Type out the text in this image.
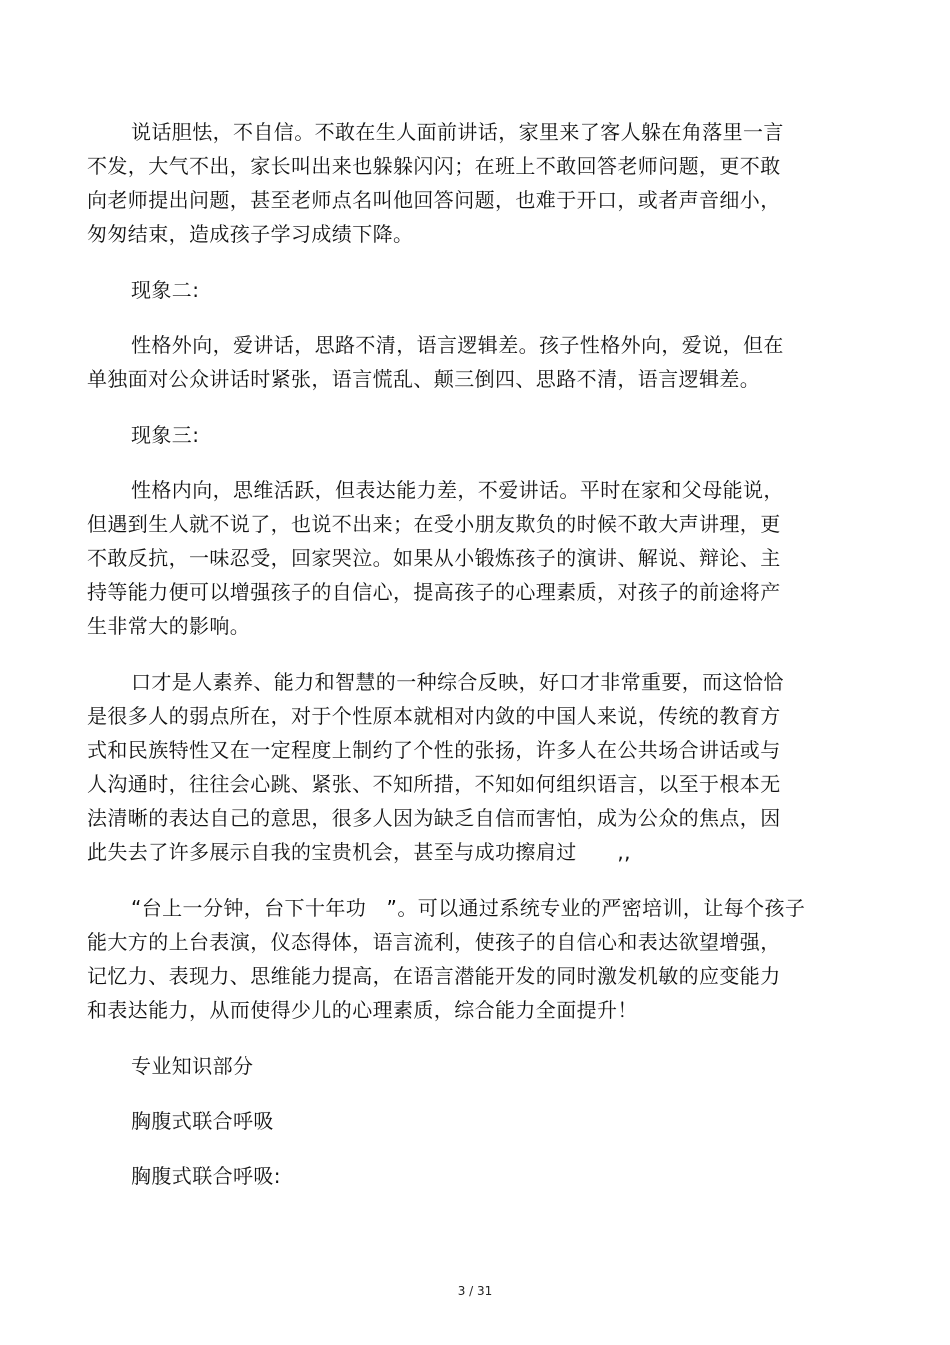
说话胆怯，不自信。不敢在生人面前讲话，家里来了客人躲在角落里一言
不发，大气不出，家长叫出来也躲躲闪闪；在班上不敢回答老师问题，更不敢
向老师提出问题，甚至老师点名叫他回答问题，也难于开口，或者声音细小，
匆匆结束，造成孩子学习成绩下降。
现象二:
性格外向，爱讲话，思路不清，语言逻辑差。孩子性格外向，爱说，但在
单独面对公众讲话时紧张，语言慌乱、颠三倒四、思路不清，语言逻辑差。
现象三:
性格内向，思维活跃，但表达能力差，不爱讲话。平时在家和父母能说，
但遇到生人就不说了，也说不出来；在受小朋友欺负的时候不敢大声讲理，更
不敢反抗，一味忍受，回家哭泣。如果从小锻炼孩子的演讲、解说、辩论、主
持等能力便可以增强孩子的自信心，提高孩子的心理素质，对孩子的前途将产
生非常大的影响。
口才是人素养、能力和智慧的一种综合反映，好口才非常重要，而这恰恰
是很多人的弱点所在，对于个性原本就相对内敛的中国人来说，传统的教育方
式和民族特性又在一定程度上制约了个性的张扬，许多人在公共场合讲话或与
人沟通时，往往会心跳、紧张、不知所措，不知如何组织语言，以至于根本无
法清晰的表达自己的意思，很多人因为缺乏自信而害怕，成为公众的焦点，因
此失去了许多展示自我的宝贵机会，甚至与成功擦肩过　　,,
“台上一分钟，台下十年功　”。可以通过系统专业的严密培训，让每个孩子
能大方的上台表演，仪态得体，语言流利，使孩子的自信心和表达欲望增强，
记忆力、表现力、思维能力提高，在语言潜能开发的同时激发机敏的应变能力
和表达能力，从而使得少儿的心理素质，综合能力全面提升！
专业知识部分
胸腹式联合呼吸
胸腹式联合呼吸:
3 / 31
